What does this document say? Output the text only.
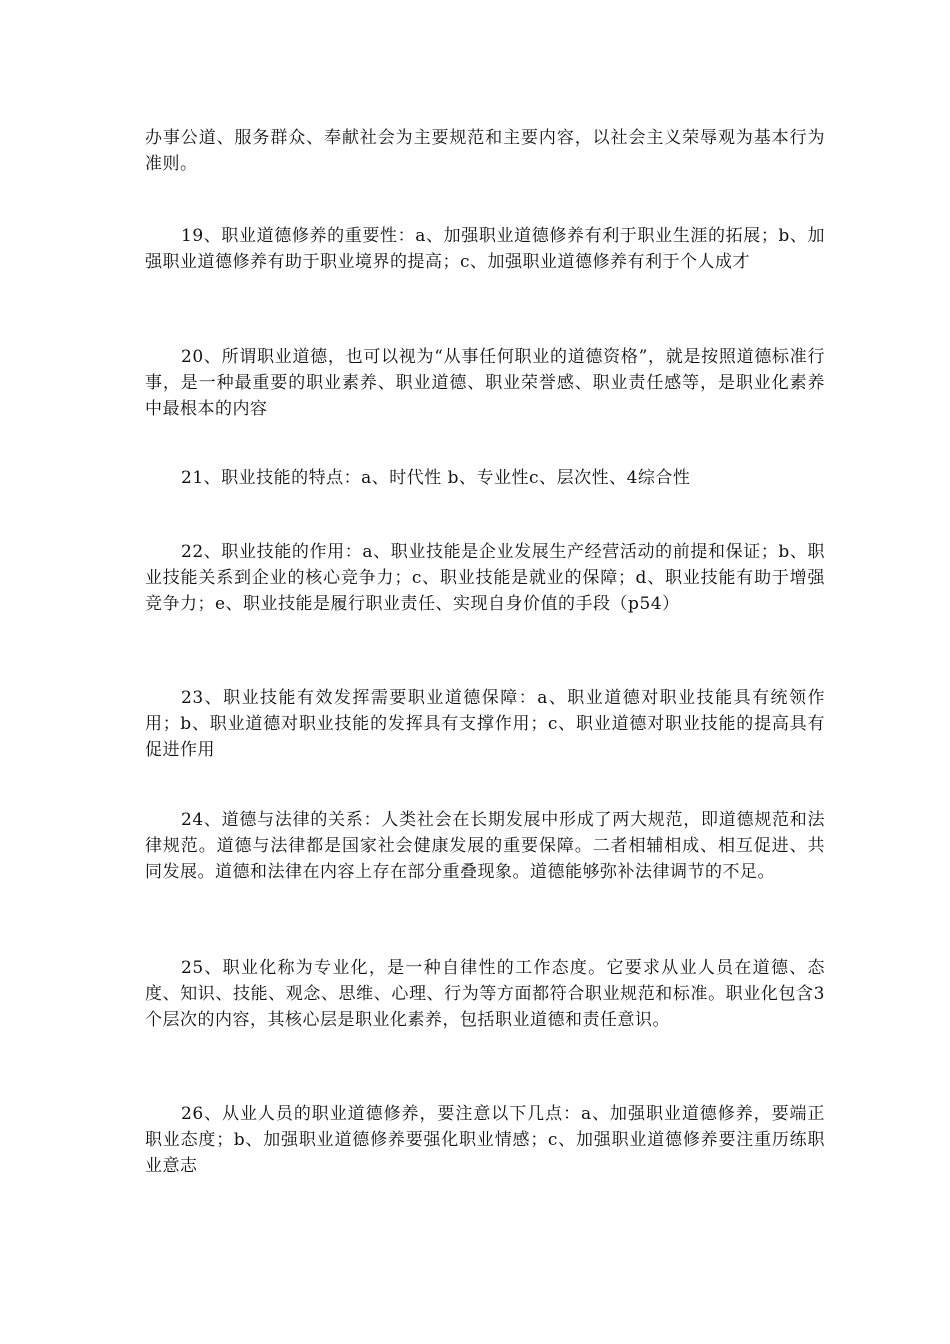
办事公道、服务群众、奉献社会为主要规范和主要内容，以社会主义荣辱观为基本行为准则。

19、职业道德修养的重要性：a、加强职业道德修养有利于职业生涯的拓展；b、加强职业道德修养有助于职业境界的提高；c、加强职业道德修养有利于个人成才

20、所谓职业道德，也可以视为“从事任何职业的道德资格”，就是按照道德标准行事，是一种最重要的职业素养、职业道德、职业荣誉感、职业责任感等，是职业化素养中最根本的内容

21、职业技能的特点：a、时代性 b、专业性c、层次性、4综合性

22、职业技能的作用：a、职业技能是企业发展生产经营活动的前提和保证；b、职业技能关系到企业的核心竞争力；c、职业技能是就业的保障；d、职业技能有助于增强竞争力；e、职业技能是履行职业责任、实现自身价值的手段（p54）

23、职业技能有效发挥需要职业道德保障：a、职业道德对职业技能具有统领作用；b、职业道德对职业技能的发挥具有支撑作用；c、职业道德对职业技能的提高具有促进作用

24、道德与法律的关系：人类社会在长期发展中形成了两大规范，即道德规范和法律规范。道德与法律都是国家社会健康发展的重要保障。二者相辅相成、相互促进、共同发展。道德和法律在内容上存在部分重叠现象。道德能够弥补法律调节的不足。

25、职业化称为专业化，是一种自律性的工作态度。它要求从业人员在道德、态度、知识、技能、观念、思维、心理、行为等方面都符合职业规范和标准。职业化包含3个层次的内容，其核心层是职业化素养，包括职业道德和责任意识。

26、从业人员的职业道德修养，要注意以下几点：a、加强职业道德修养，要端正职业态度；b、加强职业道德修养要强化职业情感；c、加强职业道德修养要注重历练职业意志
